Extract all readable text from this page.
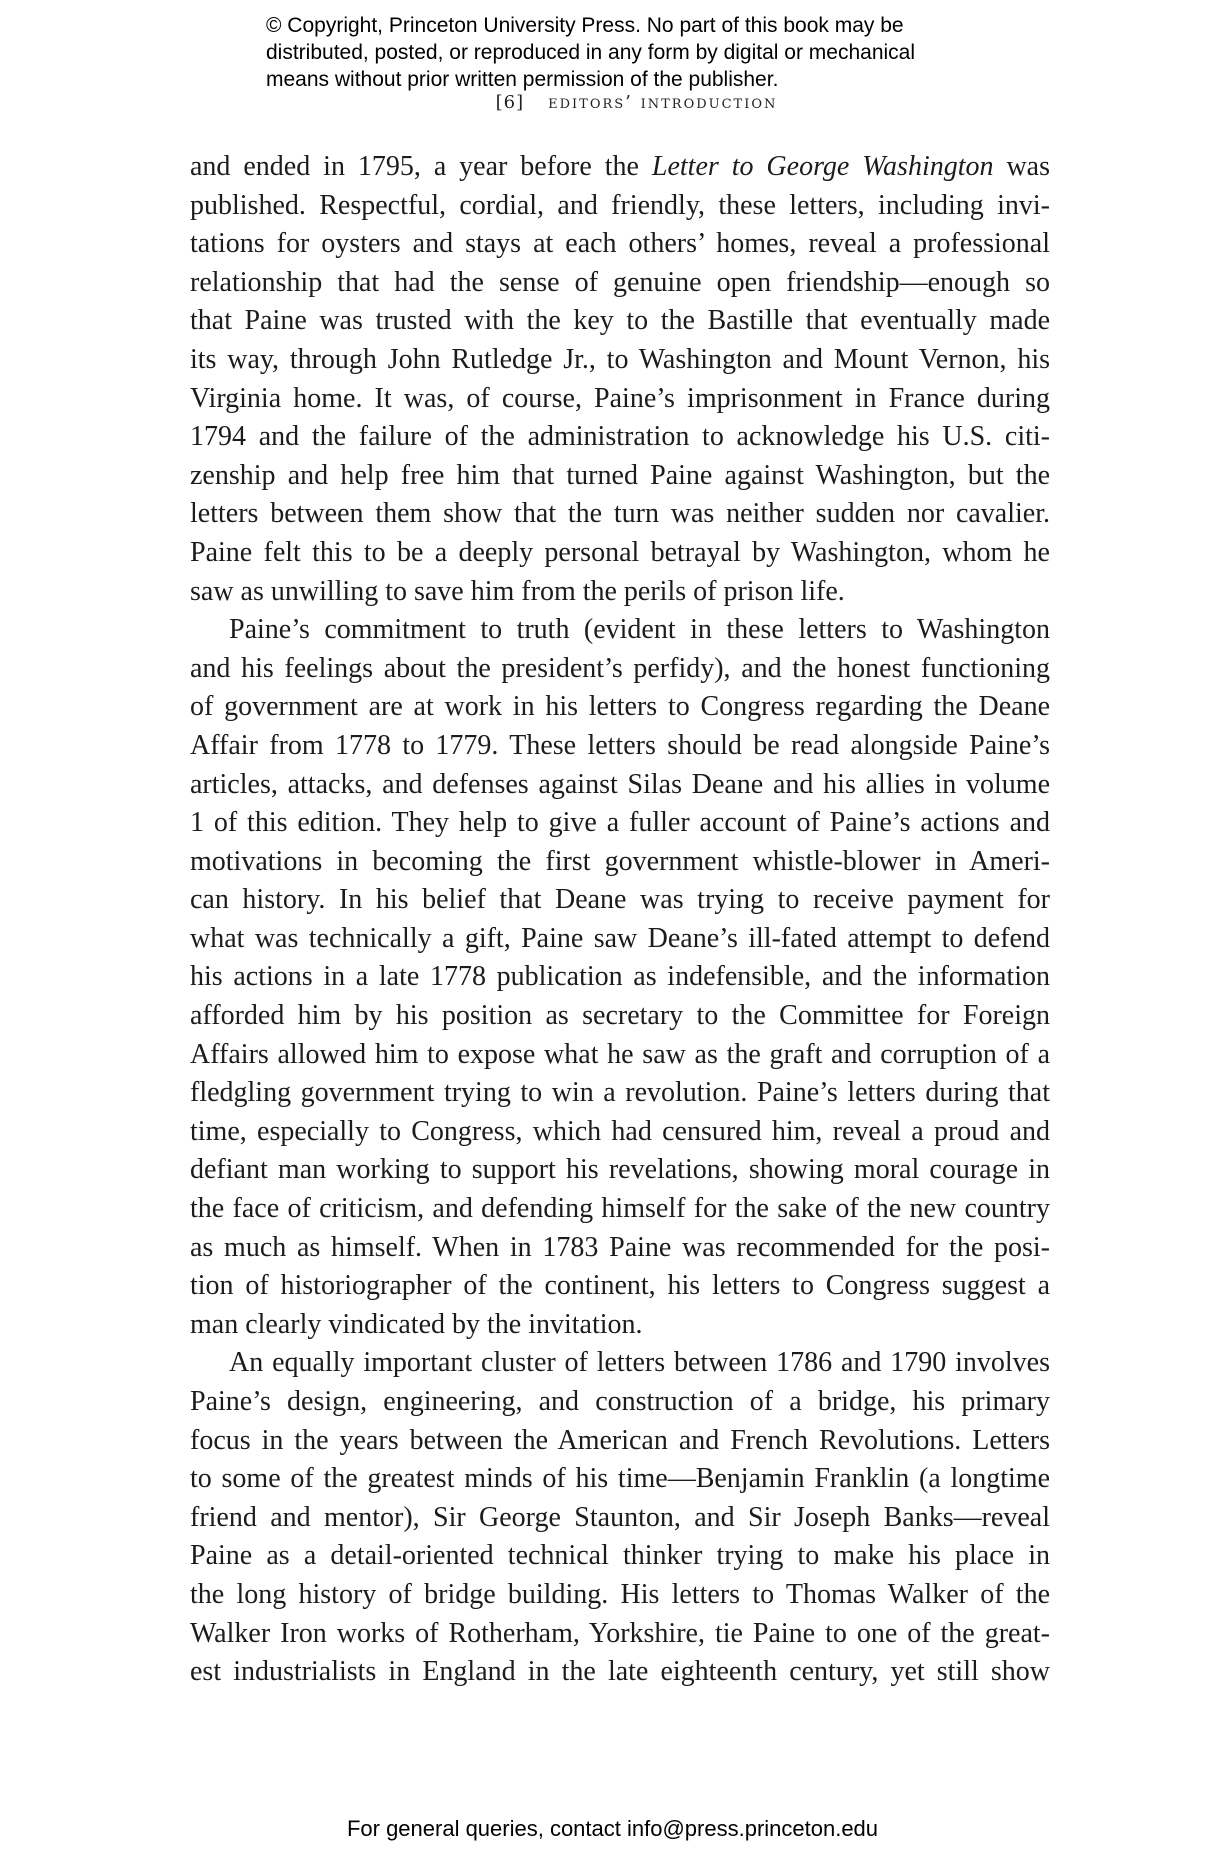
© Copyright, Princeton University Press. No part of this book may be
distributed, posted, or reproduced in any form by digital or mechanical
means without prior written permission of the publisher.
[6] editors’ introduction
and ended in 1795, a year before the Letter to George Washington was
published. Respectful, cordial, and friendly, these letters, including invi-
tations for oysters and stays at each others’ homes, reveal a professional
relationship that had the sense of genuine open friendship—enough so
that Paine was trusted with the key to the Bastille that eventually made
its way, through John Rutledge Jr., to Washington and Mount Vernon, his
Virginia home. It was, of course, Paine’s imprisonment in France during
1794 and the failure of the administration to acknowledge his U.S. citi-
zenship and help free him that turned Paine against Washington, but the
letters between them show that the turn was neither sudden nor cavalier.
Paine felt this to be a deeply personal betrayal by Washington, whom he
saw as unwilling to save him from the perils of prison life.
Paine’s commitment to truth (evident in these letters to Washington
and his feelings about the president’s perfidy), and the honest functioning
of government are at work in his letters to Congress regarding the Deane
Affair from 1778 to 1779. These letters should be read alongside Paine’s
articles, attacks, and defenses against Silas Deane and his allies in volume
1 of this edition. They help to give a fuller account of Paine’s actions and
motivations in becoming the first government whistle-blower in Ameri-
can history. In his belief that Deane was trying to receive payment for
what was technically a gift, Paine saw Deane’s ill-fated attempt to defend
his actions in a late 1778 publication as indefensible, and the information
afforded him by his position as secretary to the Committee for Foreign
Affairs allowed him to expose what he saw as the graft and corruption of a
fledgling government trying to win a revolution. Paine’s letters during that
time, especially to Congress, which had censured him, reveal a proud and
defiant man working to support his revelations, showing moral courage in
the face of criticism, and defending himself for the sake of the new country
as much as himself. When in 1783 Paine was recommended for the posi-
tion of historiographer of the continent, his letters to Congress suggest a
man clearly vindicated by the invitation.
An equally important cluster of letters between 1786 and 1790 involves
Paine’s design, engineering, and construction of a bridge, his primary
focus in the years between the American and French Revolutions. Letters
to some of the greatest minds of his time—Benjamin Franklin (a longtime
friend and mentor), Sir George Staunton, and Sir Joseph Banks—reveal
Paine as a detail-oriented technical thinker trying to make his place in
the long history of bridge building. His letters to Thomas Walker of the
Walker Iron works of Rotherham, Yorkshire, tie Paine to one of the great-
est industrialists in England in the late eighteenth century, yet still show
For general queries, contact info@press.princeton.edu
